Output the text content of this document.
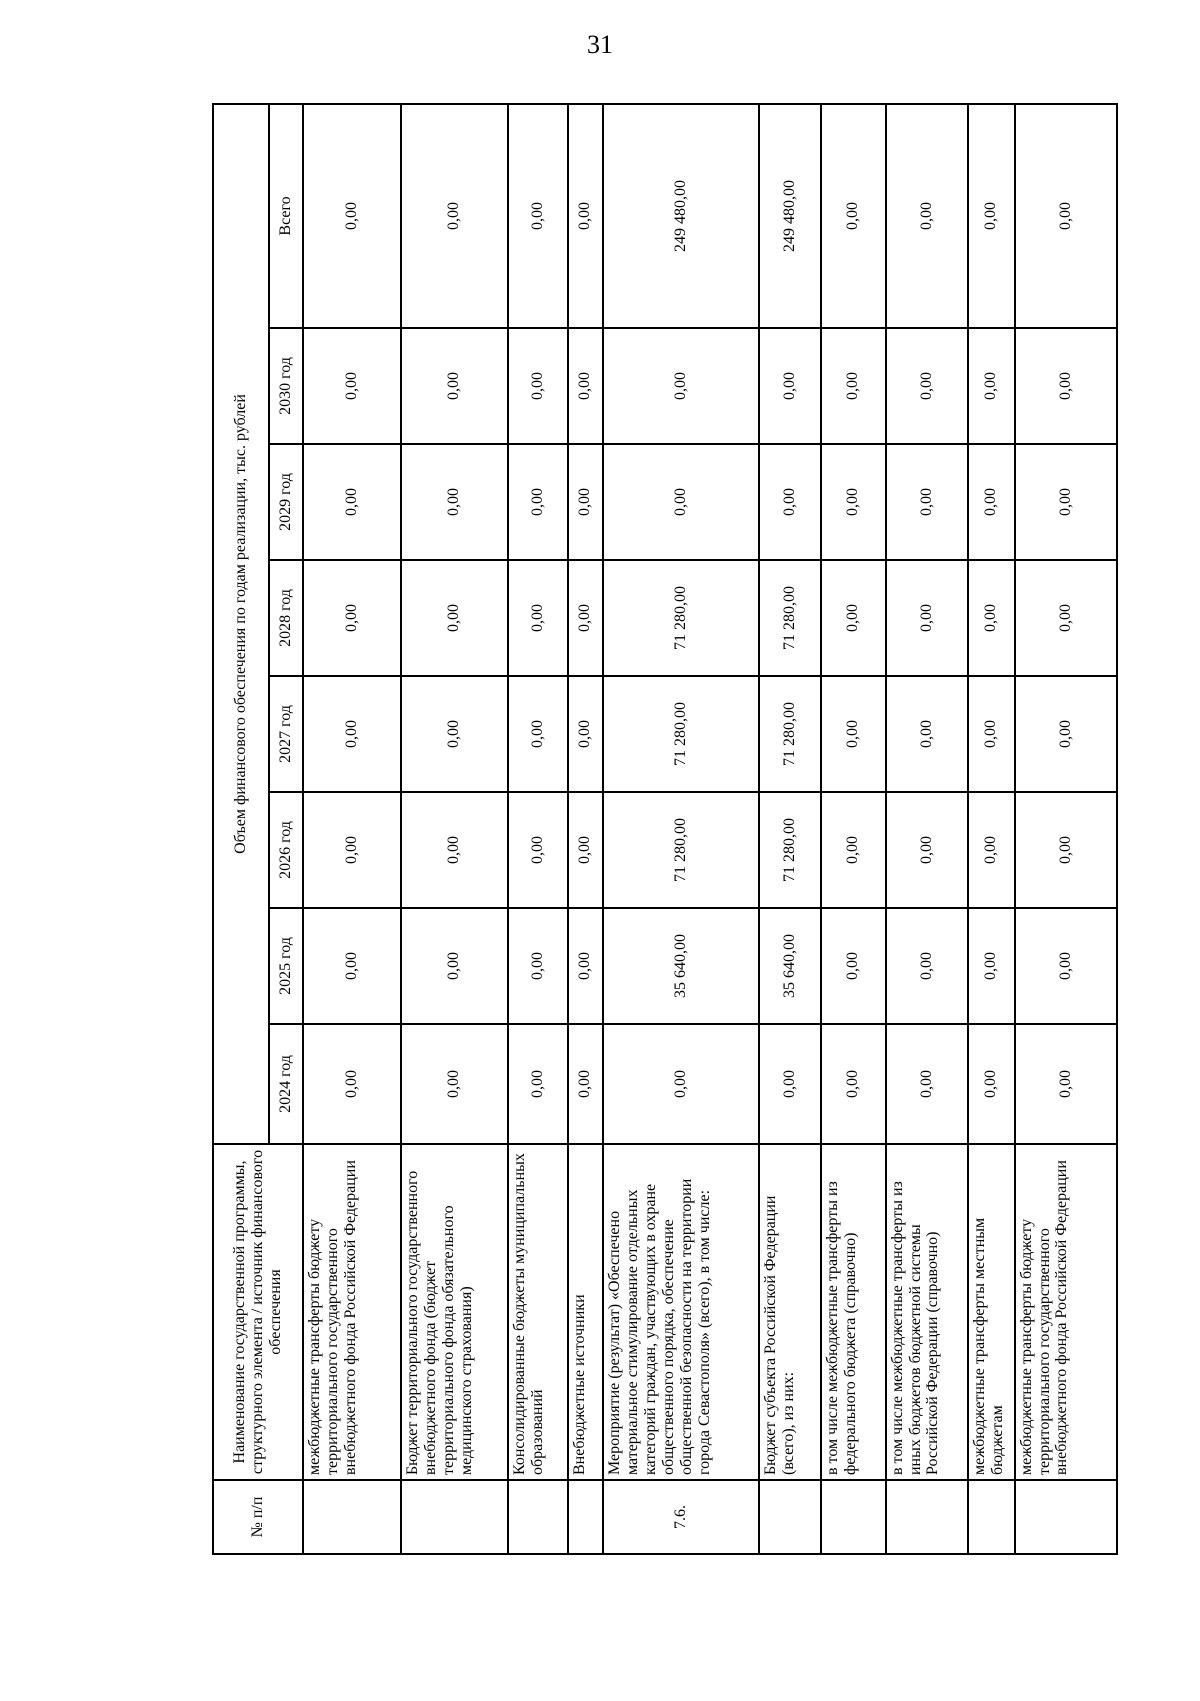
31
№ п/п	Наименование государственной программы, структурного элемента / источник финансового обеспечения	Объем финансового обеспечения по годам реализации, тыс. рублей							
		2024 год	2025 год	2026 год	2027 год	2028 год	2029 год	2030 год	Всего
	межбюджетные трансферты бюджету территориального государственного внебюджетного фонда Российской Федерации	0,00	0,00	0,00	0,00	0,00	0,00	0,00	0,00
	Бюджет территориального государственного внебюджетного фонда (бюджет территориального фонда обязательного медицинского страхования)	0,00	0,00	0,00	0,00	0,00	0,00	0,00	0,00
	Консолидированные бюджеты муниципальных образований	0,00	0,00	0,00	0,00	0,00	0,00	0,00	0,00
	Внебюджетные источники	0,00	0,00	0,00	0,00	0,00	0,00	0,00	0,00
7.6.	Мероприятие (результат) «Обеспечено материальное стимулирование отдельных категорий граждан, участвующих в охране общественного порядка, обеспечение общественной безопасности на территории города Севастополя» (всего), в том числе:	0,00	35 640,00	71 280,00	71 280,00	71 280,00	0,00	0,00	249 480,00
	Бюджет субъекта Российской Федерации (всего), из них:	0,00	35 640,00	71 280,00	71 280,00	71 280,00	0,00	0,00	249 480,00
	в том числе межбюджетные трансферты из федерального бюджета (справочно)	0,00	0,00	0,00	0,00	0,00	0,00	0,00	0,00
	в том числе межбюджетные трансферты из иных бюджетов бюджетной системы Российской Федерации (справочно)	0,00	0,00	0,00	0,00	0,00	0,00	0,00	0,00
	межбюджетные трансферты местным бюджетам	0,00	0,00	0,00	0,00	0,00	0,00	0,00	0,00
	межбюджетные трансферты бюджету территориального государственного внебюджетного фонда Российской Федерации	0,00	0,00	0,00	0,00	0,00	0,00	0,00	0,00
